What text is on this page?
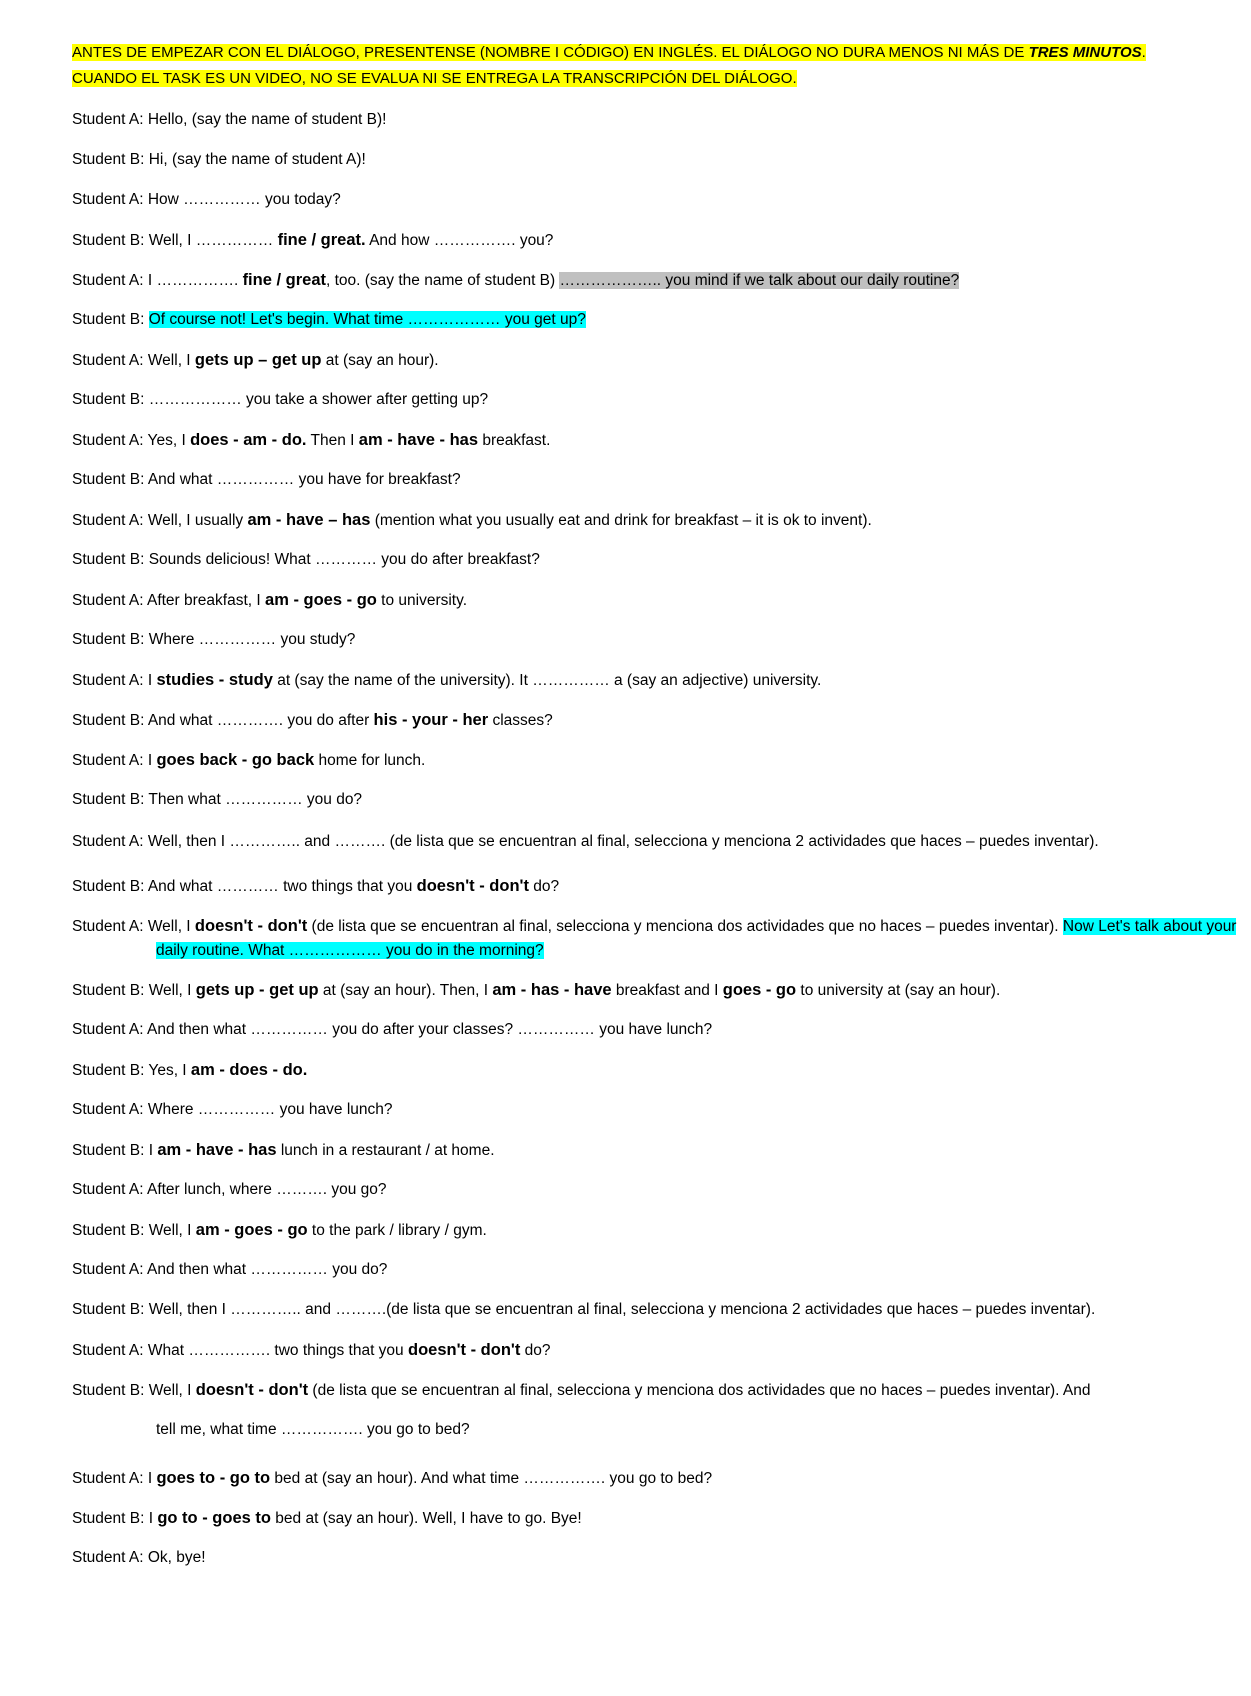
ANTES DE EMPEZAR CON EL DIÁLOGO, PRESENTENSE (NOMBRE I CÓDIGO) EN INGLÉS. EL DIÁLOGO NO DURA MENOS NI MÁS DE TRES MINUTOS. CUANDO EL TASK ES UN VIDEO, NO SE EVALUA NI SE ENTREGA LA TRANSCRIPCIÓN DEL DIÁLOGO.
Student A: Hello, (say the name of student B)!
Student B: Hi, (say the name of student A)!
Student A: How …………… you today?
Student B: Well, I …………… fine / great. And how ……………. you?
Student A: I ……………. fine / great, too. (say the name of student B) ……………….. you mind if we talk about our daily routine?
Student B: Of course not! Let's begin. What time ……………… you get up?
Student A: Well, I gets up – get up at (say an hour).
Student B: ……………… you take a shower after getting up?
Student A: Yes, I does - am - do. Then I am - have - has breakfast.
Student B: And what …………… you have for breakfast?
Student A: Well, I usually am - have – has (mention what you usually eat and drink for breakfast – it is ok to invent).
Student B: Sounds delicious! What ………… you do after breakfast?
Student A: After breakfast, I am - goes - go to university.
Student B: Where …………… you study?
Student A: I studies - study at (say the name of the university). It …………… a (say an adjective) university.
Student B: And what …………. you do after his - your - her classes?
Student A: I goes back - go back home for lunch.
Student B: Then what …………… you do?
Student A: Well, then I ………….. and ………. (de lista que se encuentran al final, selecciona y menciona 2 actividades que haces – puedes inventar).
Student B: And what ………… two things that you doesn't - don't do?
Student A: Well, I doesn't - don't (de lista que se encuentran al final, selecciona y menciona dos actividades que no haces – puedes inventar). Now Let's talk about your daily routine. What ……………… you do in the morning?
Student B: Well, I gets up - get up at (say an hour). Then, I am - has - have breakfast and I goes - go to university at (say an hour).
Student A: And then what …………… you do after your classes? …………… you have lunch?
Student B: Yes, I am - does - do.
Student A: Where …………… you have lunch?
Student B: I am - have - has lunch in a restaurant / at home.
Student A: After lunch, where ………. you go?
Student B: Well, I am - goes - go to the park / library / gym.
Student A: And then what …………… you do?
Student B: Well, then I ………….. and ……….(de lista que se encuentran al final, selecciona y menciona 2 actividades que haces – puedes inventar).
Student A: What ……………. two things that you doesn't - don't do?
Student B: Well, I doesn't - don't (de lista que se encuentran al final, selecciona y menciona dos actividades que no haces – puedes inventar). And
tell me, what time ……………. you go to bed?
Student A: I goes to - go to bed at (say an hour). And what time ……………. you go to bed?
Student B: I go to - goes to bed at (say an hour). Well, I have to go. Bye!
Student A: Ok, bye!
